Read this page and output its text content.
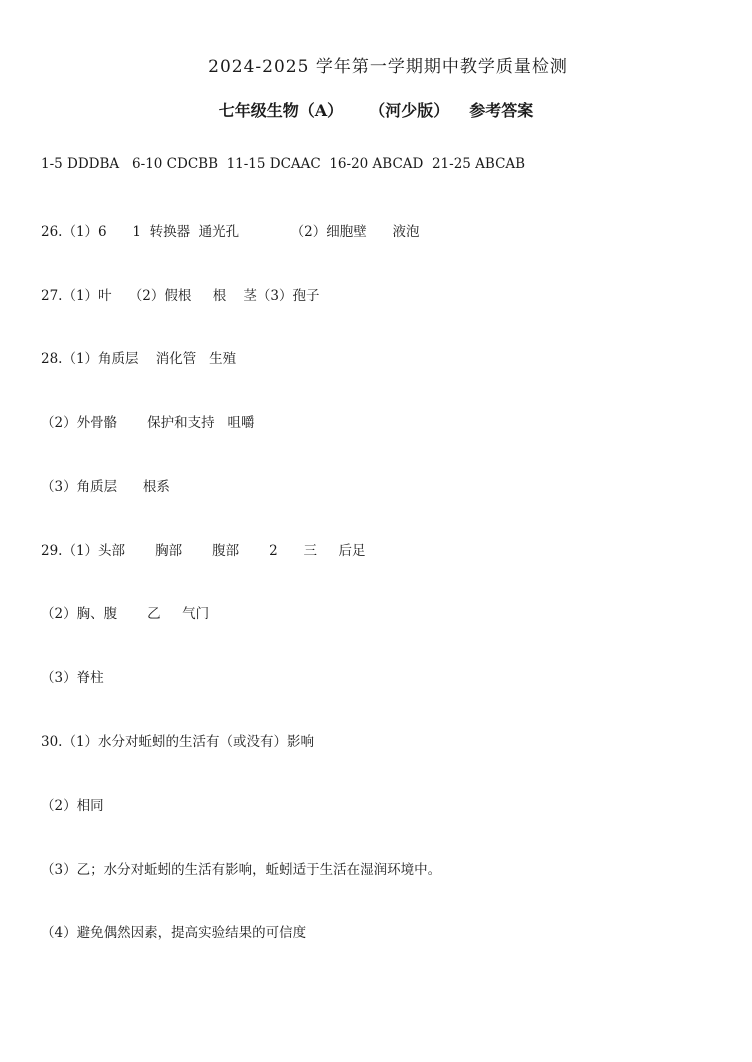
2024-2025 学年第一学期期中教学质量检测
七年级生物（A） （河少版） 参考答案
1-5 DDDBA   6-10 CDCBB  11-15 DCAAC  16-20 ABCAD  21-25 ABCAB
26.（1）6      1  转换器  通光孔            （2）细胞壁      液泡
27.（1）叶    （2）假根     根    茎（3）孢子
28.（1）角质层    消化管   生殖
（2）外骨骼       保护和支持   咀嚼
（3）角质层      根系
29.（1）头部       胸部       腹部       2      三     后足
（2）胸、腹       乙     气门
（3）脊柱
30.（1）水分对蚯蚓的生活有（或没有）影响
（2）相同
（3）乙；水分对蚯蚓的生活有影响，蚯蚓适于生活在湿润环境中。
（4）避免偶然因素，提高实验结果的可信度
